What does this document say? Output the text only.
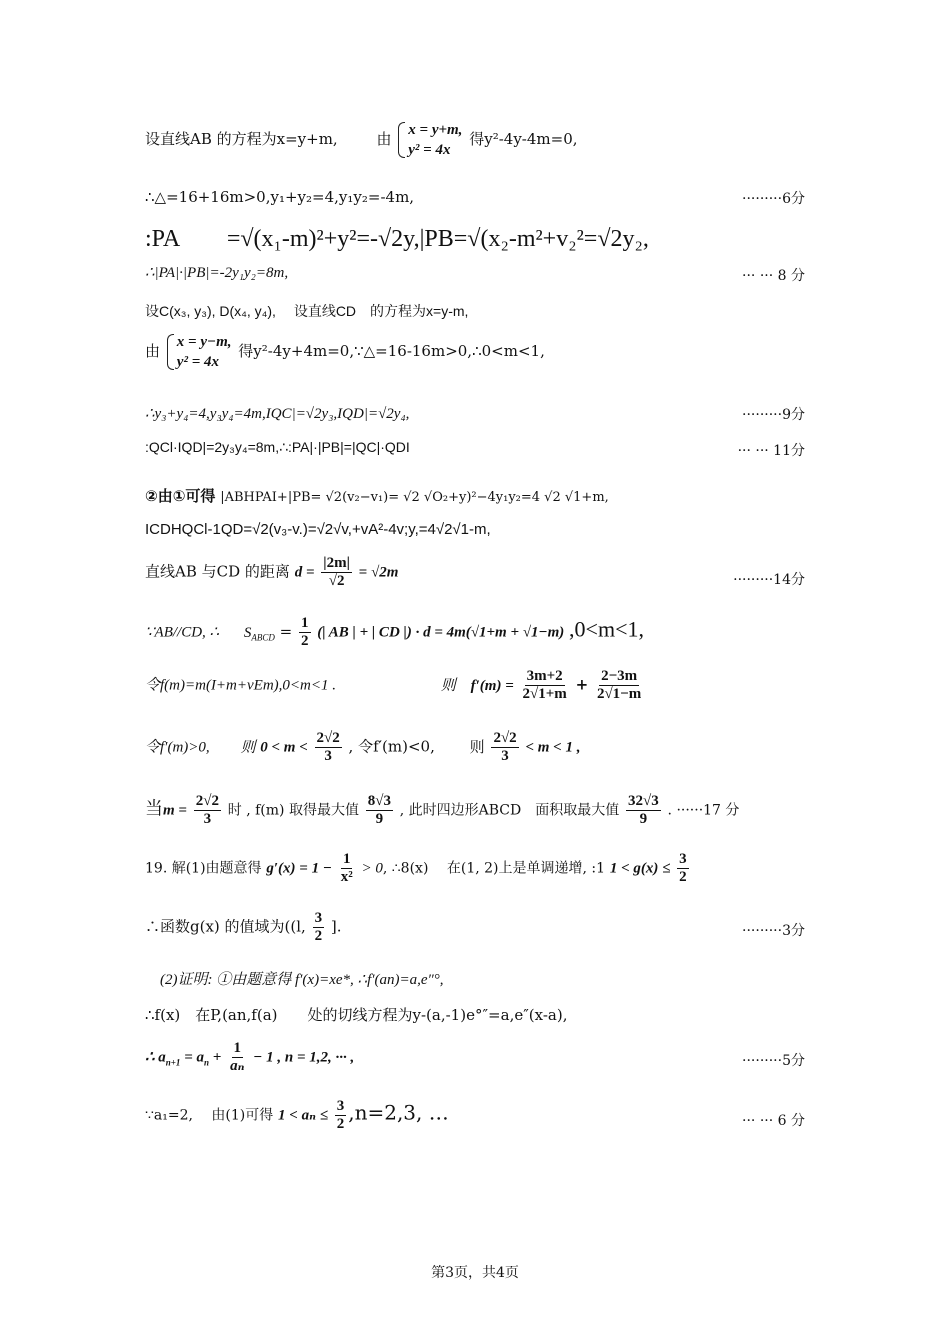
设直线AB 的方程为x=y+m,	由 x = y+m,
y² = 4x
得y²-4y-4m=0,
∴△=16+16m>0,y₁+y₂=4,y₁y₂=-4m,	·········6分
:PA　　=√(x₁-m)²+y²=-√2y,|PB=√(x₂-m²+v₂²=√2y₂,
∴|PA|·|PB|=-2y₁y₂=8m,	··· ··· 8 分
设C(x₃, y₃), D(x₄, y₄),　 设直线CD　的方程为x=y-m,
由 x = y−m,
y² = 4x
得y²-4y+4m=0,∵△=16-16m>0,∴0<m<1,
∴y₃+y₄=4,y₃y₄=4m,IQC|=√2y₃,IQD|=√2y₄,	·········9分
:QCl·IQD|=2y₃y₄=8m,∴:PA|·|PB|=|QC|·QDI	··· ··· 11分
②由①可得 |ABHPAI+|PB= √2(v₂−v₁)= √2 √O₂+y)²−4y₁y₂=4 √2 √1+m,
ICDHQCl-1QD=√2(v₃-v.)=√2√v,+vA²-4v;y,=4√2√1-m,
直线AB 与CD 的距离 $d = \frac{|2m|}{√2} = √2m$	·········14分
∵AB//CD, ∴ $S_{ABCD} = \frac{1}{2}$ (| AB | + | CD |) · d = 4m(√1+m + √1−m) ,0<m<1,
令f(m)=m(I+m+vEm),0<m<1 .	则 $f'(m) = \frac{3m+2}{2√1+m} + \frac{2-3m}{2√1-m}$
令f′(m)>0, 则 $0 < m < \frac{2√2}{3}$ , 令f′(m)<0, 则 $\frac{2√2}{3} < m < 1$ ,
当$m = \frac{2√2}{3}$ 时 , f(m) 取得最大值 $\frac{8√3}{9}$ , 此时四边形ABCD　面积取最大值 $\frac{32√3}{9}$ . ······17 分
19. 解(1)由题意得 $g'(x) = 1 - \frac{1}{\text{x²}} > 0$, ∴8(x)　 在(1, 2)上是单调递增, :1 $1 < g(x) \le \frac{3}{2}$
∴函数g(x) 的值域为((l, $\frac{3}{2}$ ].	·········3分
(2)证明: ①由题意得 f′(x)=xe*, ∴f′(an)=a,e″°,
∴f(x)　在P,(an,f(a)　　处的切线方程为y-(a,-1)e°″=a,e″(x-a),
∴ $a_{n+1} = a_n + \frac{1}{\text{aₙ}} - 1$ , n = 1,2, ··· ,	·········5分
∵a₁=2,　 由(1)可得 $1 < a_n \le \frac{3}{2} ,n=2,3$, …	··· ··· 6 分
第3页，共4页
